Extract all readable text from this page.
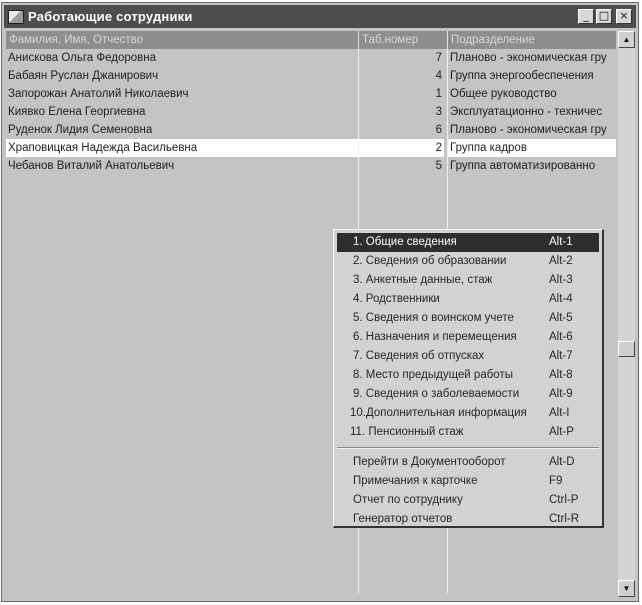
Работающие сотрудники	_ □ ×
Фамилия, Имя, Отчество	Таб.номер	Подразделение
Анискова Ольга Федоровна	7 Планово - экономическая гру
Бабаян Руслан Джанирович	4 Группа энергообеспечения
Запорожан Анатолий Николаевич	1 Общее руководство
Киявко Елена Георгиевна	3 Эксплуатационно - техничес
Руденок Лидия Семеновна	6 Планово - экономическая гру
Храповицкая Надежда Васильевна	2 Группа кадров
Чебанов Виталий Анатольевич	5 Группа автоматизированно
▲
▼
1. Общие сведения	Alt-1
2. Сведения об образовании	Alt-2
3. Анкетные данные, стаж	Alt-3
4. Родственники	Alt-4
5. Сведения о воинском учете	Alt-5
6. Назначения и перемещения	Alt-6
7. Сведения об отпусках	Alt-7
8. Место предыдущей работы	Alt-8
9. Сведения о заболеваемости	Alt-9
10.Дополнительная информация Alt-I
11. Пенсионный стаж	Alt-P
Перейти в Документооборот	Alt-D
Примечания к карточке	F9
Отчет по сотруднику	Ctrl-P
Генератор отчетов	Ctrl-R
